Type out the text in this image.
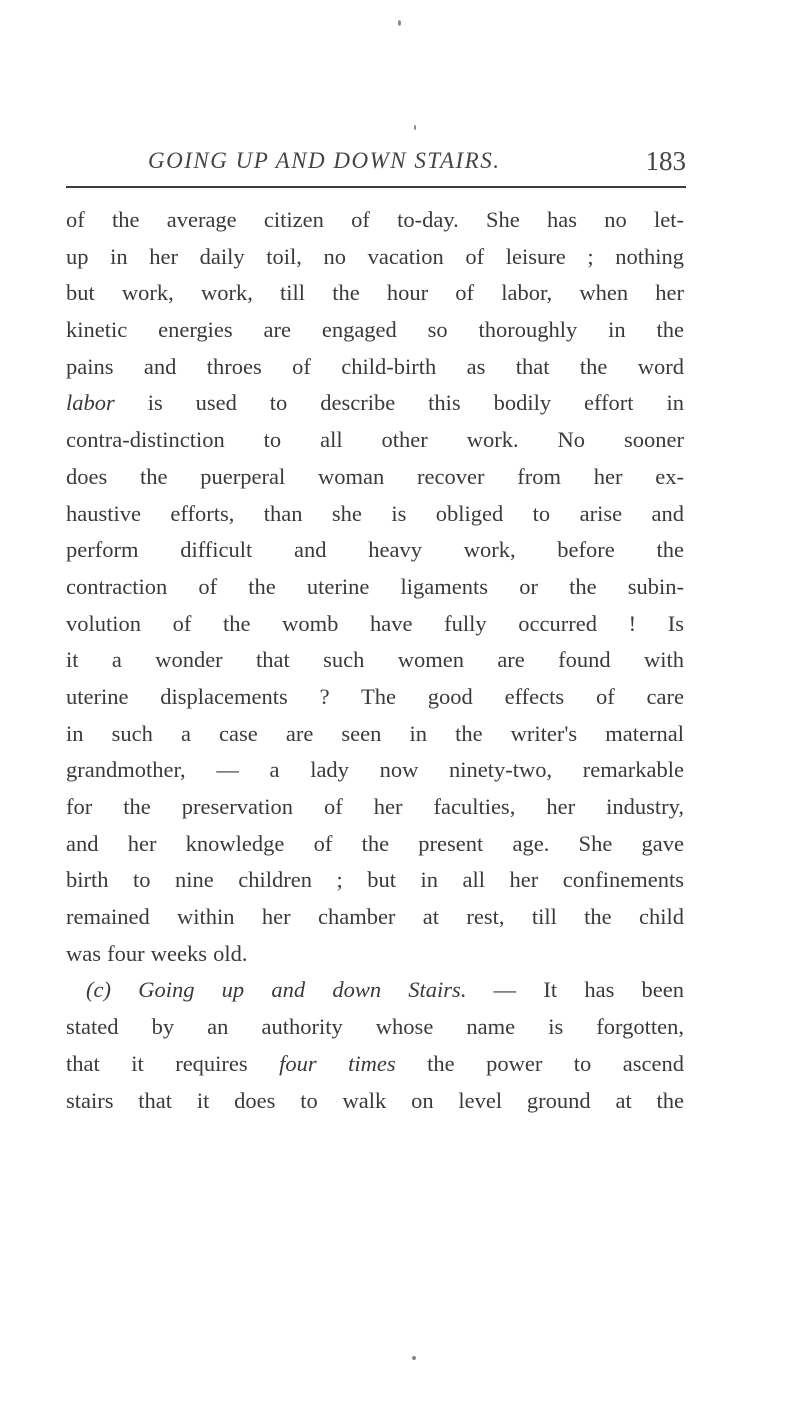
GOING UP AND DOWN STAIRS.	183

of the average citizen of to-day. She has no let-
up in her daily toil, no vacation of leisure ; nothing
but work, work, till the hour of labor, when her
kinetic energies are engaged so thoroughly in the
pains and throes of child-birth as that the word
labor is used to describe this bodily effort in
contra-distinction to all other work. No sooner
does the puerperal woman recover from her ex-
haustive efforts, than she is obliged to arise and
perform difficult and heavy work, before the
contraction of the uterine ligaments or the subin-
volution of the womb have fully occurred ! Is
it a wonder that such women are found with
uterine displacements ? The good effects of care
in such a case are seen in the writer's maternal
grandmother, — a lady now ninety-two, remarkable
for the preservation of her faculties, her industry,
and her knowledge of the present age. She gave
birth to nine children ; but in all her confinements
remained within her chamber at rest, till the child
was four weeks old.

(c) Going up and down Stairs. — It has been
stated by an authority whose name is forgotten,
that it requires four times the power to ascend
stairs that it does to walk on level ground at the
